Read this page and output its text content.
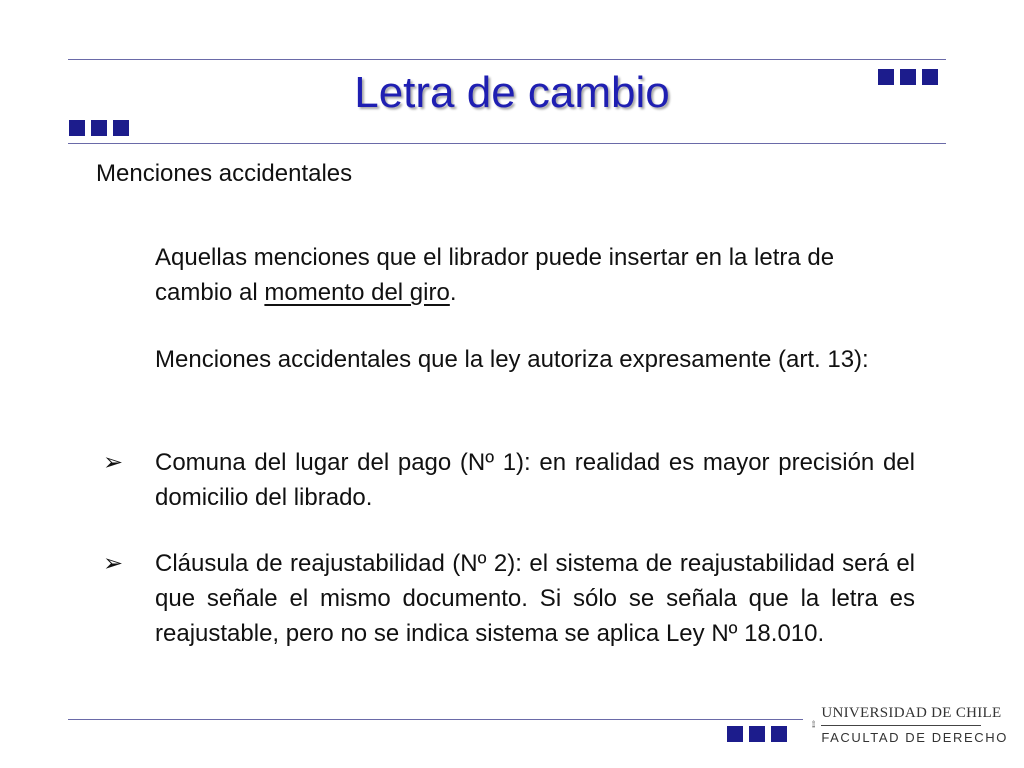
Letra de cambio
Menciones accidentales
Aquellas menciones que el librador puede insertar en la letra de cambio al momento del giro.
Menciones accidentales que la ley autoriza expresamente (art. 13):
➢	Comuna del lugar del pago (Nº 1): en realidad es mayor precisión del domicilio del librado.
➢	Cláusula de reajustabilidad (Nº 2): el sistema de reajustabilidad será el que señale el mismo documento. Si sólo se señala que la letra es reajustable, pero no se indica sistema se aplica Ley Nº 18.010.
UNIVERSIDAD DE CHILE
FACULTAD DE DERECHO
